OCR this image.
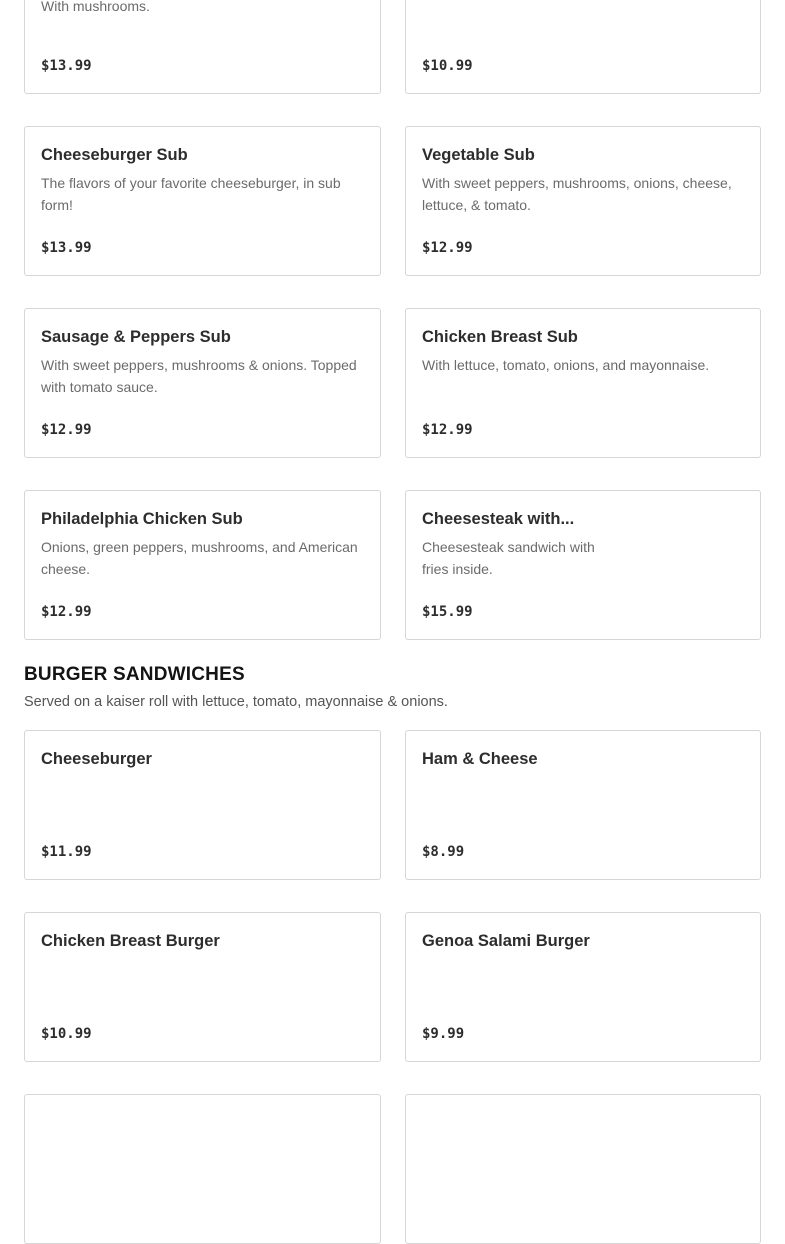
With mushrooms.
$13.99	$10.99
Cheeseburger Sub
The flavors of your favorite cheeseburger, in sub form!
$13.99
Vegetable Sub
With sweet peppers, mushrooms, onions, cheese, lettuce, & tomato.
$12.99
Sausage & Peppers Sub
With sweet peppers, mushrooms & onions. Topped with tomato sauce.
$12.99
Chicken Breast Sub
With lettuce, tomato, onions, and mayonnaise.
$12.99
Philadelphia Chicken Sub
Onions, green peppers, mushrooms, and American cheese.
$12.99
Cheesesteak with...
Cheesesteak sandwich with fries inside.
$15.99
BURGER SANDWICHES
Served on a kaiser roll with lettuce, tomato, mayonnaise & onions.
Cheeseburger
$11.99
Ham & Cheese
$8.99
Chicken Breast Burger
$10.99
Genoa Salami Burger
$9.99
